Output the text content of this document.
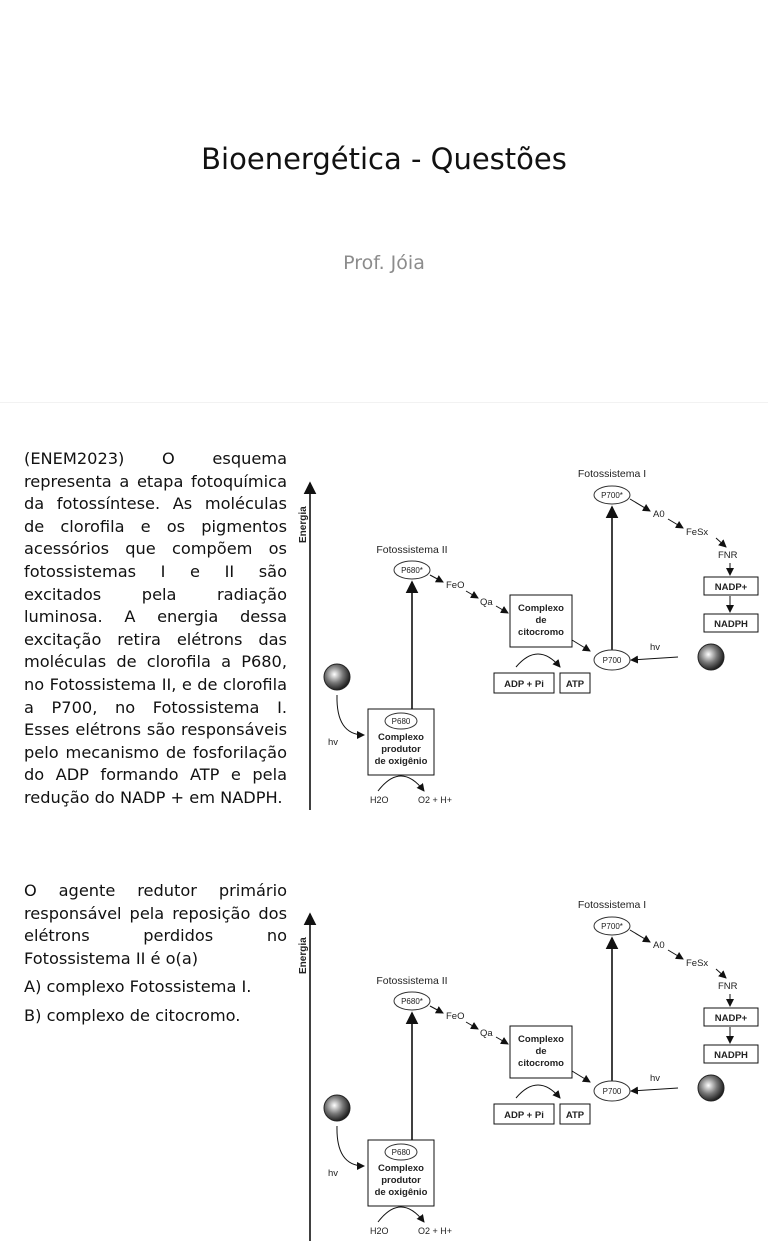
Bioenergética - Questões
Prof. Jóia

(ENEM2023) O esquema representa a etapa fotoquímica da fotossíntese. As moléculas de clorofila e os pigmentos acessórios que compõem os fotossistemas I e II são excitados pela radiação luminosa. A energia dessa excitação retira elétrons das moléculas de clorofila a P680, no Fotossistema II, e de clorofila a P700, no Fotossistema I. Esses elétrons são responsáveis pelo mecanismo de fosforilação do ADP formando ATP e pela redução do NADP + em NADPH.

O agente redutor primário responsável pela reposição dos elétrons perdidos no Fotossistema II é o(a)

A) complexo Fotossistema I.

B) complexo de citocromo.

Energia
Fotossistema I
P700*
A0
FeSx
FNR
NADP+
NADPH
Fotossistema II
P680*
FeO
Qa
Complexo
de
citocromo
P700
ADP + Pi ATP
hv
hv
P680
Complexo
produtor
de oxigênio
H2O	O2 + H+
Energia
Fotossistema I
P700*
A0
FeSx
FNR
NADP+
NADPH
Fotossistema II
P680*
FeO
Qa
Complexo
de
citocromo
P700
ADP + Pi ATP
hv
hv
P680
Complexo
produtor
de oxigênio
H2O	O2 + H+
